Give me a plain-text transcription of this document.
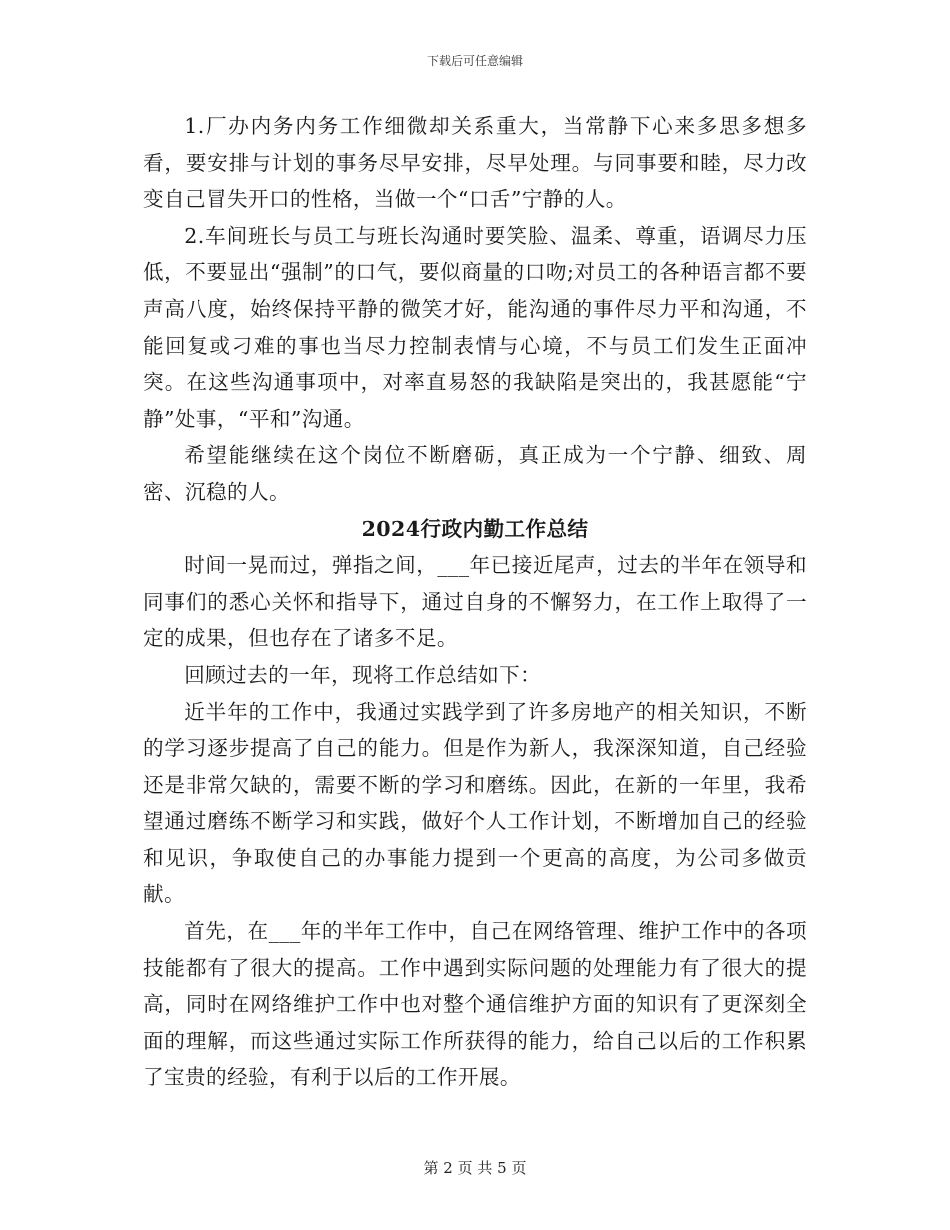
下载后可任意编辑

1.厂办内务内务工作细微却关系重大，当常静下心来多思多想多看，要安排与计划的事务尽早安排，尽早处理。与同事要和睦，尽力改变自己冒失开口的性格，当做一个“口舌”宁静的人。

2.车间班长与员工与班长沟通时要笑脸、温柔、尊重，语调尽力压低，不要显出“强制”的口气，要似商量的口吻;对员工的各种语言都不要声高八度，始终保持平静的微笑才好，能沟通的事件尽力平和沟通，不能回复或刁难的事也当尽力控制表情与心境，不与员工们发生正面冲突。在这些沟通事项中，对率直易怒的我缺陷是突出的，我甚愿能“宁静”处事，“平和”沟通。

希望能继续在这个岗位不断磨砺，真正成为一个宁静、细致、周密、沉稳的人。

2024行政内勤工作总结

时间一晃而过，弹指之间，___年已接近尾声，过去的半年在领导和同事们的悉心关怀和指导下，通过自身的不懈努力，在工作上取得了一定的成果，但也存在了诸多不足。

回顾过去的一年，现将工作总结如下：

近半年的工作中，我通过实践学到了许多房地产的相关知识，不断的学习逐步提高了自己的能力。但是作为新人，我深深知道，自己经验还是非常欠缺的，需要不断的学习和磨练。因此，在新的一年里，我希望通过磨练不断学习和实践，做好个人工作计划，不断增加自己的经验和见识，争取使自己的办事能力提到一个更高的高度，为公司多做贡献。

首先，在___年的半年工作中，自己在网络管理、维护工作中的各项技能都有了很大的提高。工作中遇到实际问题的处理能力有了很大的提高，同时在网络维护工作中也对整个通信维护方面的知识有了更深刻全面的理解，而这些通过实际工作所获得的能力，给自己以后的工作积累了宝贵的经验，有利于以后的工作开展。

第 2 页 共 5 页
